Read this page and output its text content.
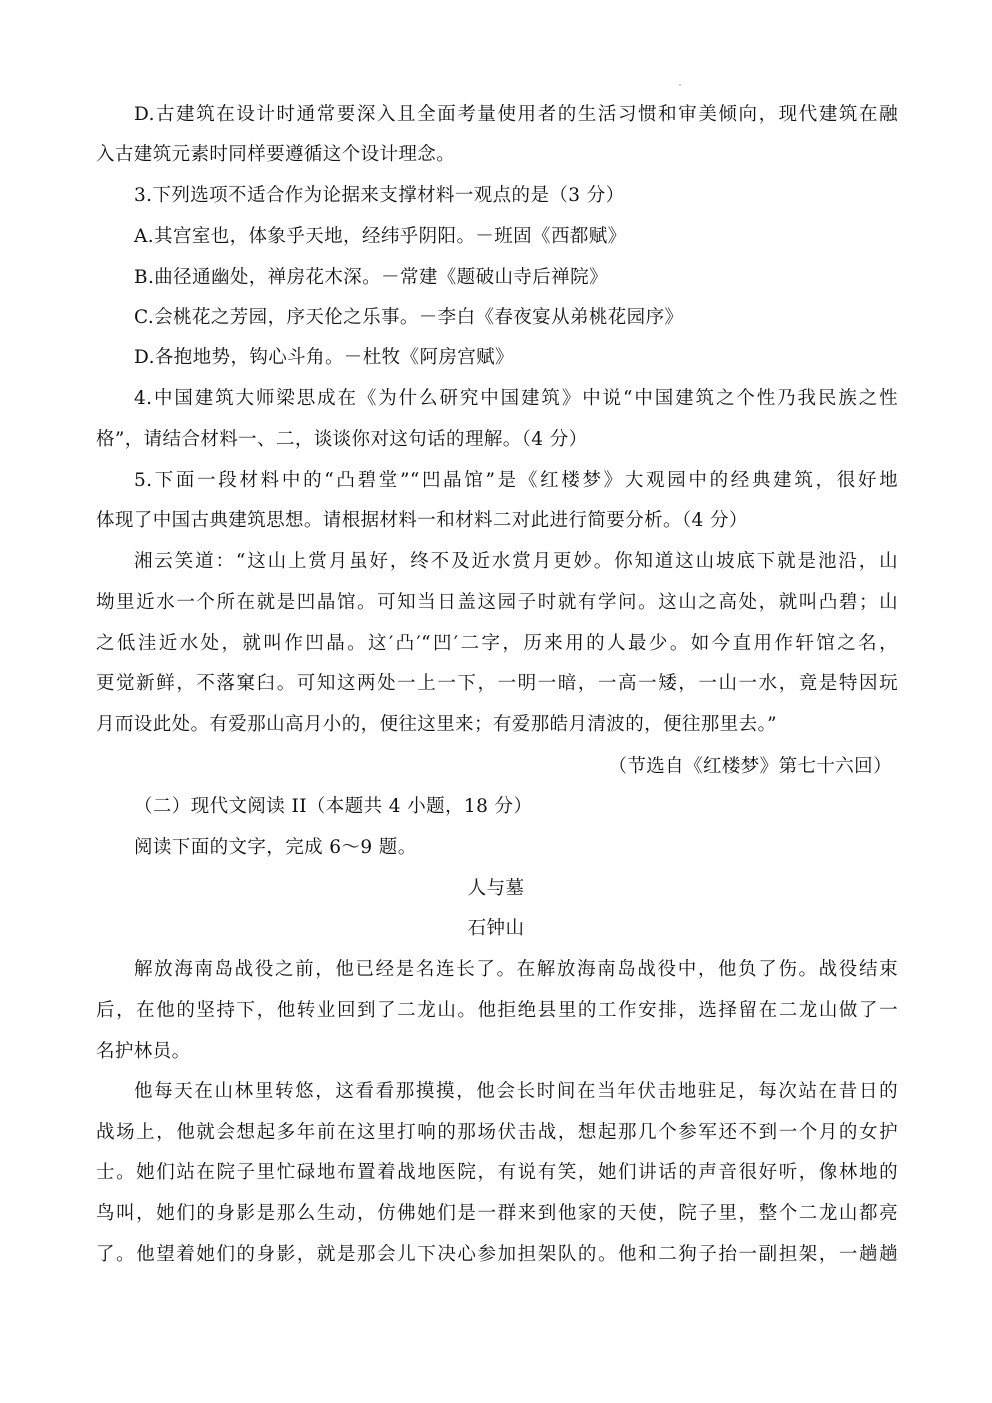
D.古建筑在设计时通常要深入且全面考量使用者的生活习惯和审美倾向，现代建筑在融
入古建筑元素时同样要遵循这个设计理念。
3.下列选项不适合作为论据来支撑材料一观点的是（3 分）
A.其宫室也，体象乎天地，经纬乎阴阳。－班固《西都赋》
B.曲径通幽处，禅房花木深。－常建《题破山寺后禅院》
C.会桃花之芳园，序天伦之乐事。－李白《春夜宴从弟桃花园序》
D.各抱地势，钩心斗角。－杜牧《阿房宫赋》
4.中国建筑大师梁思成在《为什么研究中国建筑》中说“中国建筑之个性乃我民族之性
格”，请结合材料一、二，谈谈你对这句话的理解。（4 分）
5.下面一段材料中的“凸碧堂”“凹晶馆”是《红楼梦》大观园中的经典建筑，很好地
体现了中国古典建筑思想。请根据材料一和材料二对此进行简要分析。（4 分）
湘云笑道：“这山上赏月虽好，终不及近水赏月更妙。你知道这山坡底下就是池沿，山
坳里近水一个所在就是凹晶馆。可知当日盖这园子时就有学问。这山之高处，就叫凸碧；山
之低洼近水处，就叫作凹晶。这′凸′“凹′二字，历来用的人最少。如今直用作轩馆之名，
更觉新鲜，不落窠臼。可知这两处一上一下，一明一暗，一高一矮，一山一水，竟是特因玩
月而设此处。有爱那山高月小的，便往这里来；有爱那皓月清波的，便往那里去。”
（节选自《红楼梦》第七十六回）
（二）现代文阅读 II（本题共 4 小题，18 分）
阅读下面的文字，完成 6～9 题。
人与墓
石钟山
解放海南岛战役之前，他已经是名连长了。在解放海南岛战役中，他负了伤。战役结束
后，在他的坚持下，他转业回到了二龙山。他拒绝县里的工作安排，选择留在二龙山做了一
名护林员。
他每天在山林里转悠，这看看那摸摸，他会长时间在当年伏击地驻足，每次站在昔日的
战场上，他就会想起多年前在这里打响的那场伏击战，想起那几个参军还不到一个月的女护
士。她们站在院子里忙碌地布置着战地医院，有说有笑，她们讲话的声音很好听，像林地的
鸟叫，她们的身影是那么生动，仿佛她们是一群来到他家的天使，院子里，整个二龙山都亮
了。他望着她们的身影，就是那会儿下决心参加担架队的。他和二狗子抬一副担架，一趟趟
